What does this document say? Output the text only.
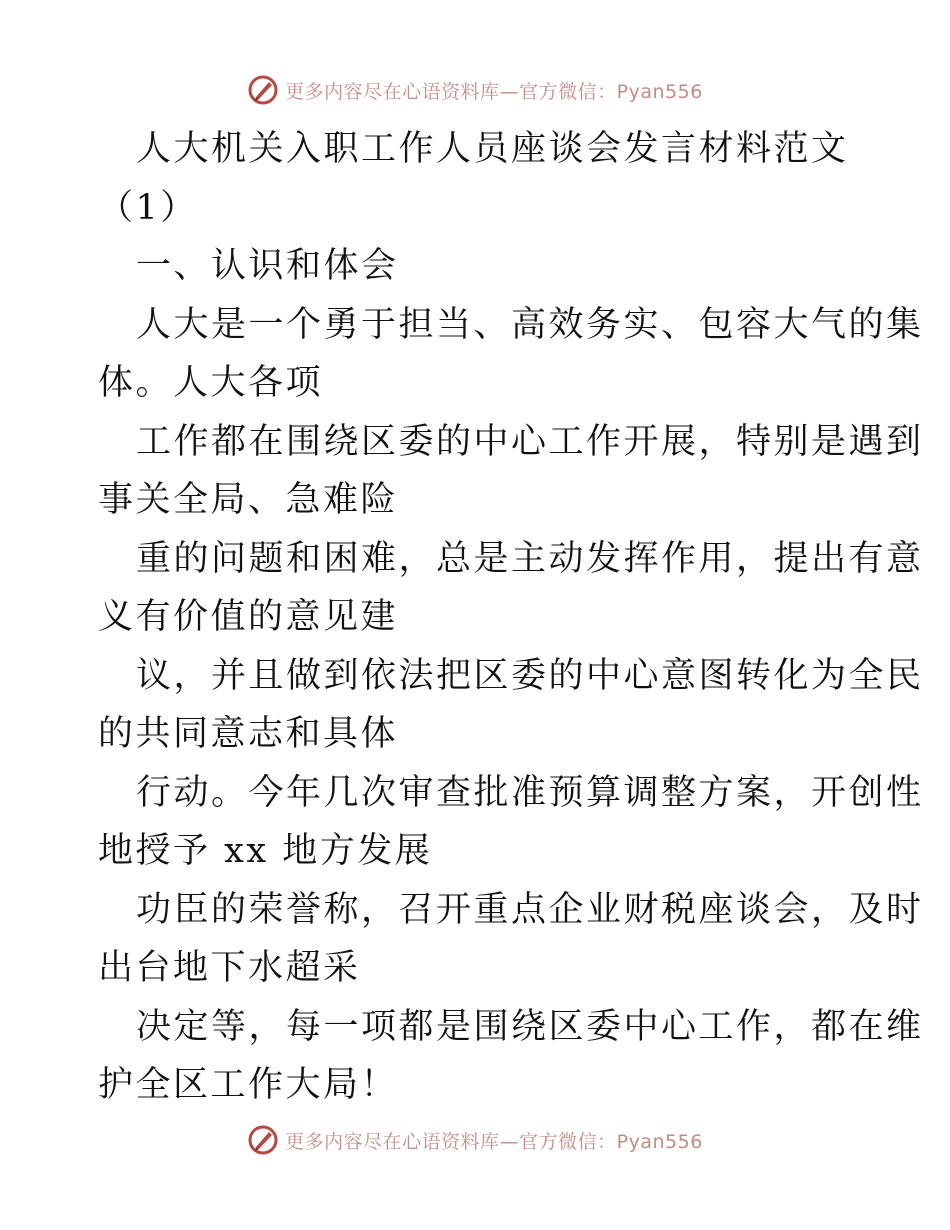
更多内容尽在心语资料库—官方微信：Pyan556
人大机关入职工作人员座谈会发言材料范文
（1）
一、认识和体会
人大是一个勇于担当、高效务实、包容大气的集
体。人大各项
工作都在围绕区委的中心工作开展，特别是遇到
事关全局、急难险
重的问题和困难，总是主动发挥作用，提出有意
义有价值的意见建
议，并且做到依法把区委的中心意图转化为全民
的共同意志和具体
行动。今年几次审查批准预算调整方案，开创性
地授予 xx 地方发展
功臣的荣誉称，召开重点企业财税座谈会，及时
出台地下水超采
决定等，每一项都是围绕区委中心工作，都在维
护全区工作大局！
更多内容尽在心语资料库—官方微信：Pyan556
